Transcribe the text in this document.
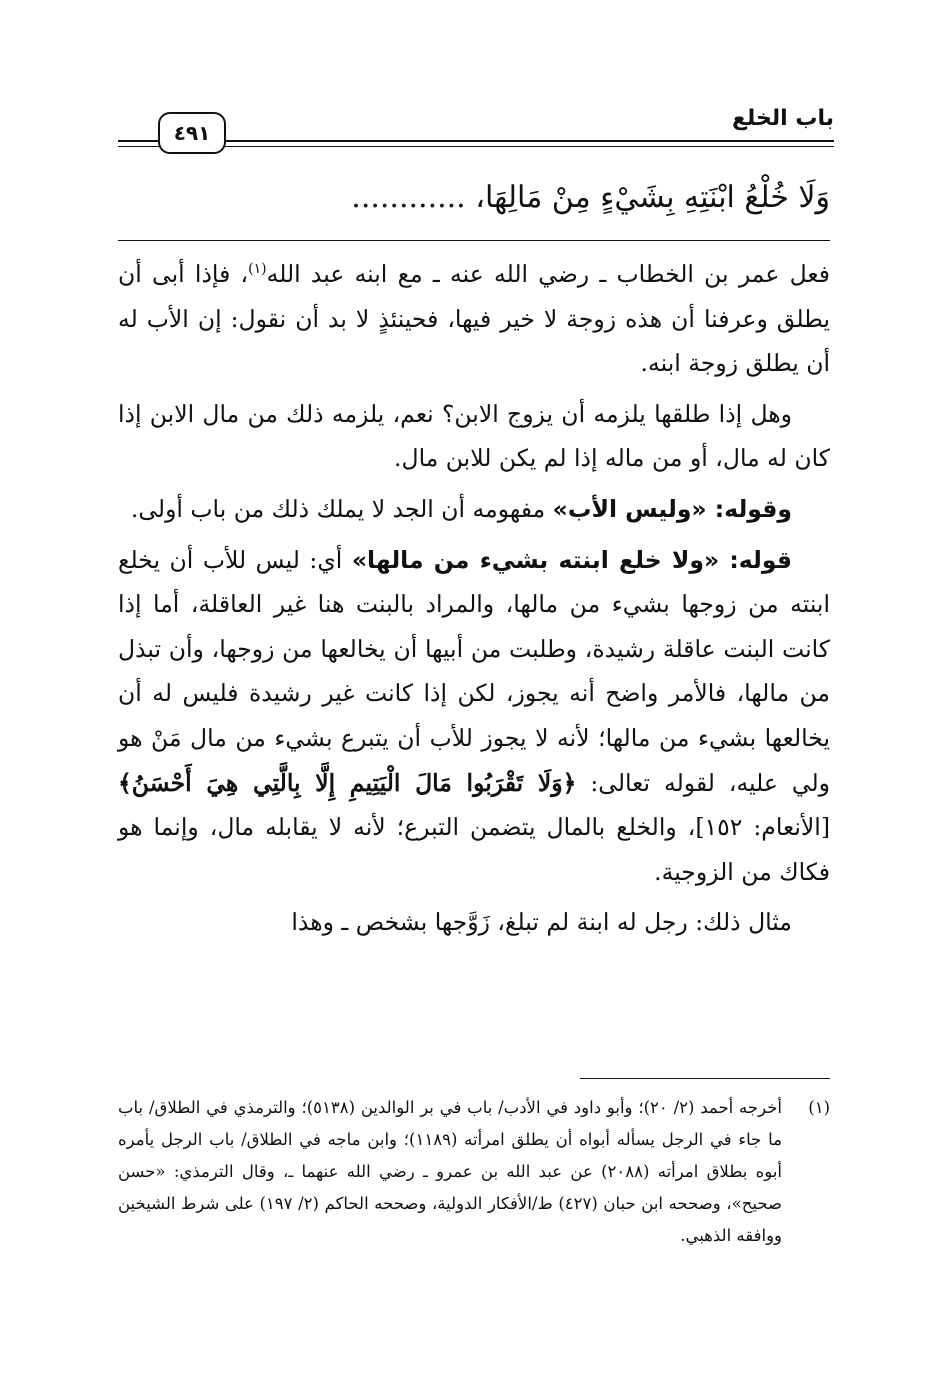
باب الخلع
٤٩١
وَلَا خُلْعُ ابْنَتِهِ بِشَيْءٍ مِنْ مَالِهَا، ............

فعل عمر بن الخطاب ـ رضي الله عنه ـ مع ابنه عبد الله$^{(١)}$، فإذا أبى أن يطلق وعرفنا أن هذه زوجة لا خير فيها، فحينئذٍ لا بد أن نقول: إن الأب له أن يطلق زوجة ابنه.

وهل إذا طلقها يلزمه أن يزوج الابن؟ نعم، يلزمه ذلك من مال الابن إذا كان له مال، أو من ماله إذا لم يكن للابن مال.

وقوله: «وليس الأب» مفهومه أن الجد لا يملك ذلك من باب أولى.

قوله: «ولا خلع ابنته بشيء من مالها» أي: ليس للأب أن يخلع ابنته من زوجها بشيء من مالها، والمراد بالبنت هنا غير العاقلة، أما إذا كانت البنت عاقلة رشيدة، وطلبت من أبيها أن يخالعها من زوجها، وأن تبذل من مالها، فالأمر واضح أنه يجوز، لكن إذا كانت غير رشيدة فليس له أن يخالعها بشيء من مالها؛ لأنه لا يجوز للأب أن يتبرع بشيء من مال مَنْ هو ولي عليه، لقوله تعالى: ﴿وَلَا تَقْرَبُوا مَالَ الْيَتِيمِ إِلَّا بِالَّتِي هِيَ أَحْسَنُ﴾ [الأنعام: ١٥٢]، والخلع بالمال يتضمن التبرع؛ لأنه لا يقابله مال، وإنما هو فكاك من الزوجية.

مثال ذلك: رجل له ابنة لم تبلغ، زَوَّجها بشخص ـ وهذا

(١)
أخرجه أحمد (٢/ ٢٠)؛ وأبو داود في الأدب/ باب في بر الوالدين (٥١٣٨)؛ والترمذي في الطلاق/ باب ما جاء في الرجل يسأله أبواه أن يطلق امرأته (١١٨٩)؛ وابن ماجه في الطلاق/ باب الرجل يأمره أبوه بطلاق امرأته (٢٠٨٨) عن عبد الله بن عمرو ـ رضي الله عنهما ـ، وقال الترمذي: «حسن صحيح»، وصححه ابن حبان (٤٢٧) ط/الأفكار الدولية، وصححه الحاكم (٢/ ١٩٧) على شرط الشيخين ووافقه الذهبي.
